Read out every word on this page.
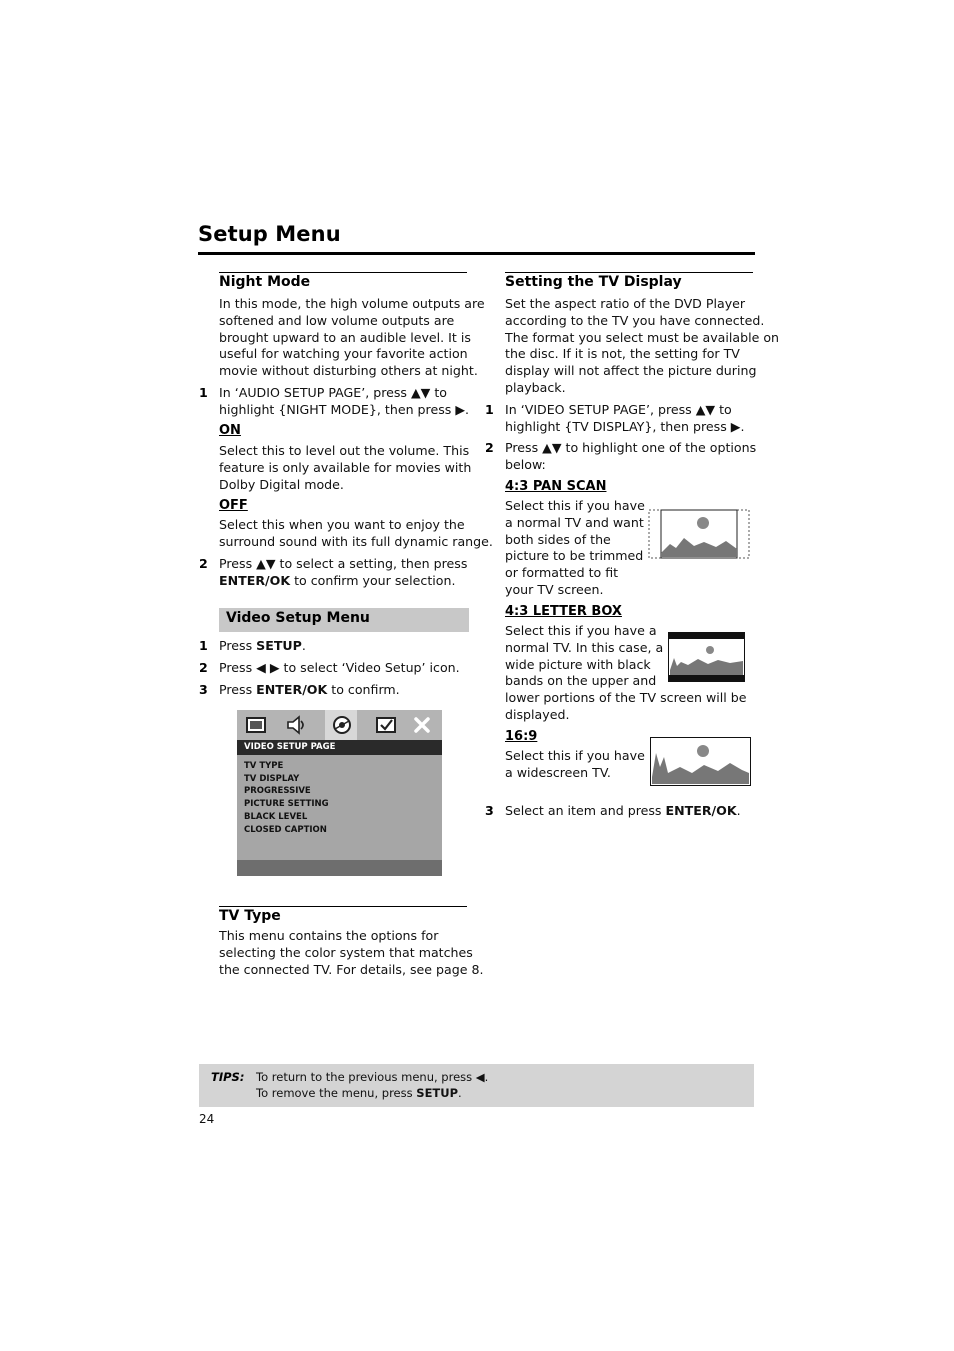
Setup Menu
Night Mode
In this mode, the high volume outputs are
softened and low volume outputs are
brought upward to an audible level. It is
useful for watching your favorite action
movie without disturbing others at night.
1 In ‘AUDIO SETUP PAGE’, press ▲▼ to
highlight {NIGHT MODE}, then press ▶.
ON
Select this to level out the volume. This
feature is only available for movies with
Dolby Digital mode.
OFF
Select this when you want to enjoy the
surround sound with its full dynamic range.
2 Press ▲▼ to select a setting, then press
ENTER/OK to confirm your selection.
Video Setup Menu
1 Press SETUP.
2 Press ◀ ▶ to select ‘Video Setup’ icon.
3 Press ENTER/OK to confirm.
VIDEO SETUP PAGE
TV TYPE
TV DISPLAY
PROGRESSIVE
PICTURE SETTING
BLACK LEVEL
CLOSED CAPTION
TV Type
This menu contains the options for
selecting the color system that matches
the connected TV. For details, see page 8.
Setting the TV Display
Set the aspect ratio of the DVD Player
according to the TV you have connected.
The format you select must be available on
the disc. If it is not, the setting for TV
display will not affect the picture during
playback.
1 In ‘VIDEO SETUP PAGE’, press ▲▼ to
highlight {TV DISPLAY}, then press ▶.
2 Press ▲▼ to highlight one of the options
below:
4:3 PAN SCAN
Select this if you have
a normal TV and want
both sides of the
picture to be trimmed
or formatted to fit
your TV screen.
4:3 LETTER BOX
Select this if you have a
normal TV. In this case, a
wide picture with black
bands on the upper and
lower portions of the TV screen will be
displayed.
16:9
Select this if you have
a widescreen TV.
3 Select an item and press ENTER/OK.
TIPS: To return to the previous menu, press ◀.
To remove the menu, press SETUP.
24
